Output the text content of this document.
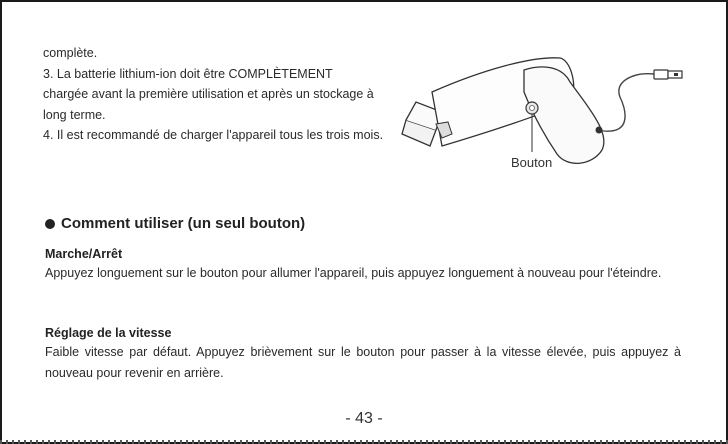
complète.

3. La batterie lithium-ion doit être COMPLÈTEMENT

chargée avant la première utilisation et après un stockage à

long terme.

4. Il est recommandé de charger l'appareil tous les trois mois.

Bouton
Comment utiliser (un seul bouton)

Marche/Arrêt

Appuyez longuement sur le bouton pour allumer l'appareil, puis appuyez longuement à nouveau pour l'éteindre.

Réglage de la vitesse

Faible vitesse par défaut. Appuyez brièvement sur le bouton pour passer à la vitesse élevée, puis appuyez à nouveau pour revenir en arrière.

- 43 -
